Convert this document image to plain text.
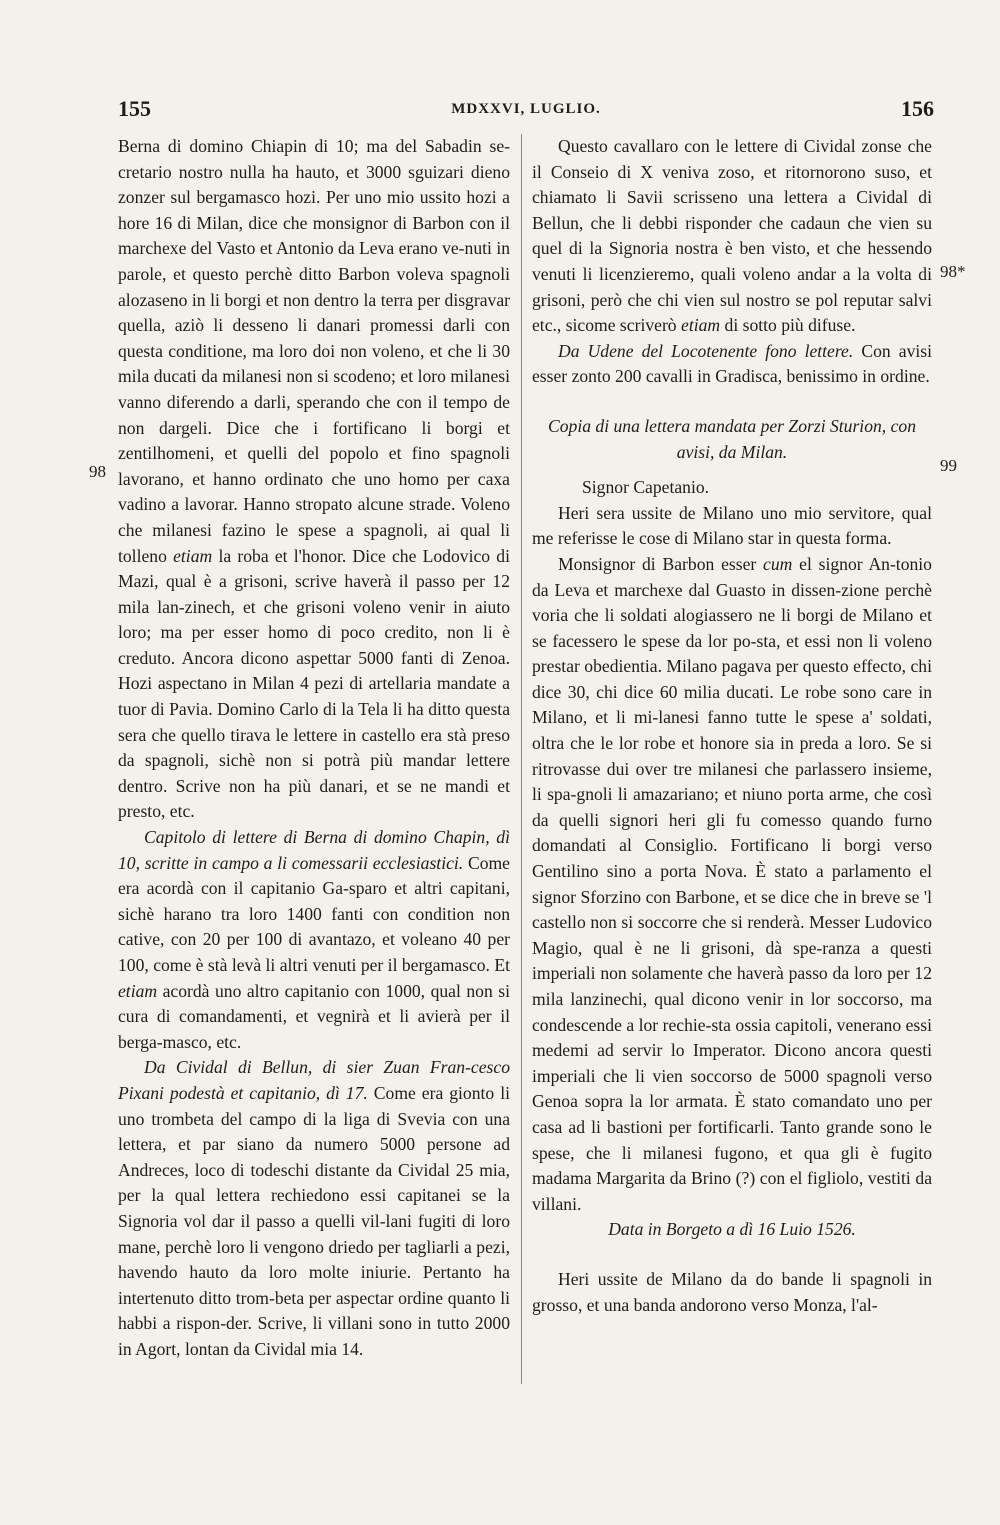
155	MDXXVI, LUGLIO.	156
98
98*
99

Berna di domino Chiapin di 10; ma del Sabadin se-cretario nostro nulla ha hauto, et 3000 sguizari dieno zonzer sul bergamasco hozi. Per uno mio ussito hozi a hore 16 di Milan, dice che monsignor di Barbon con il marchexe del Vasto et Antonio da Leva erano ve-nuti in parole, et questo perchè ditto Barbon voleva spagnoli alozaseno in li borgi et non dentro la terra per disgravar quella, aziò li desseno li danari promessi darli con questa conditione, ma loro doi non voleno, et che li 30 mila ducati da milanesi non si scodeno; et loro milanesi vanno diferendo a darli, sperando che con il tempo de non dargeli. Dice che i fortificano li borgi et zentilhomeni, et quelli del popolo et fino spagnoli lavorano, et hanno ordinato che uno homo per caxa vadino a lavorar. Hanno stropato alcune strade. Voleno che milanesi fazino le spese a spagnoli, ai qual li tolleno etiam la roba et l'honor. Dice che Lodovico di Mazi, qual è a grisoni, scrive haverà il passo per 12 mila lan-zinech, et che grisoni voleno venir in aiuto loro; ma per esser homo di poco credito, non li è creduto. Ancora dicono aspettar 5000 fanti di Zenoa. Hozi aspectano in Milan 4 pezi di artellaria mandate a tuor di Pavia. Domino Carlo di la Tela li ha ditto questa sera che quello tirava le lettere in castello era stà preso da spagnoli, sichè non si potrà più mandar lettere dentro. Scrive non ha più danari, et se ne mandi et presto, etc.

Capitolo di lettere di Berna di domino Chapin, dì 10, scritte in campo a li comessarii ecclesiastici. Come era acordà con il capitanio Ga-sparo et altri capitani, sichè harano tra loro 1400 fanti con condition non cative, con 20 per 100 di avantazo, et voleano 40 per 100, come è stà levà li altri venuti per il bergamasco. Et etiam acordà uno altro capitanio con 1000, qual non si cura di comandamenti, et vegnirà et li avierà per il berga-masco, etc.

Da Cividal di Bellun, di sier Zuan Fran-cesco Pixani podestà et capitanio, dì 17. Come era gionto li uno trombeta del campo di la liga di Svevia con una lettera, et par siano da numero 5000 persone ad Andreces, loco di todeschi distante da Cividal 25 mia, per la qual lettera rechiedono essi capitanei se la Signoria vol dar il passo a quelli vil-lani fugiti di loro mane, perchè loro li vengono driedo per tagliarli a pezi, havendo hauto da loro molte iniurie. Pertanto ha intertenuto ditto trom-beta per aspectar ordine quanto li habbi a rispon-der. Scrive, li villani sono in tutto 2000 in Agort, lontan da Cividal mia 14.

Questo cavallaro con le lettere di Cividal zonse che il Conseio di X veniva zoso, et ritornorono suso, et chiamato li Savii scrisseno una lettera a Cividal di Bellun, che li debbi risponder che cadaun che vien su quel di la Signoria nostra è ben visto, et che hessendo venuti li licenzieremo, quali voleno andar a la volta di grisoni, però che chi vien sul nostro se pol reputar salvi etc., sicome scriverò etiam di sotto più difuse.

Da Udene del Locotenente fono lettere. Con avisi esser zonto 200 cavalli in Gradisca, benissimo in ordine.

Copia di una lettera mandata per Zorzi Sturion, con avisi, da Milan.

Signor Capetanio.

Heri sera ussite de Milano uno mio servitore, qual me referisse le cose di Milano star in questa forma.

Monsignor di Barbon esser cum el signor An-tonio da Leva et marchexe dal Guasto in dissen-zione perchè voria che li soldati alogiassero ne li borgi de Milano et se facessero le spese da lor po-sta, et essi non li voleno prestar obedientia. Milano pagava per questo effecto, chi dice 30, chi dice 60 milia ducati. Le robe sono care in Milano, et li mi-lanesi fanno tutte le spese a' soldati, oltra che le lor robe et honore sia in preda a loro. Se si ritrovasse dui over tre milanesi che parlassero insieme, li spa-gnoli li amazariano; et niuno porta arme, che così da quelli signori heri gli fu comesso quando furno domandati al Consiglio. Fortificano li borgi verso Gentilino sino a porta Nova. È stato a parlamento el signor Sforzino con Barbone, et se dice che in breve se 'l castello non si soccorre che si renderà. Messer Ludovico Magio, qual è ne li grisoni, dà spe-ranza a questi imperiali non solamente che haverà passo da loro per 12 mila lanzinechi, qual dicono venir in lor soccorso, ma condescende a lor rechie-sta ossia capitoli, venerano essi medemi ad servir lo Imperator. Dicono ancora questi imperiali che li vien soccorso de 5000 spagnoli verso Genoa sopra la lor armata. È stato comandato uno per casa ad li bastioni per fortificarli. Tanto grande sono le spese, che li milanesi fugono, et qua gli è fugito madama Margarita da Brino (?) con el figliolo, vestiti da villani.

Data in Borgeto a dì 16 Luio 1526.

Heri ussite de Milano da do bande li spagnoli in grosso, et una banda andorono verso Monza, l'al-
